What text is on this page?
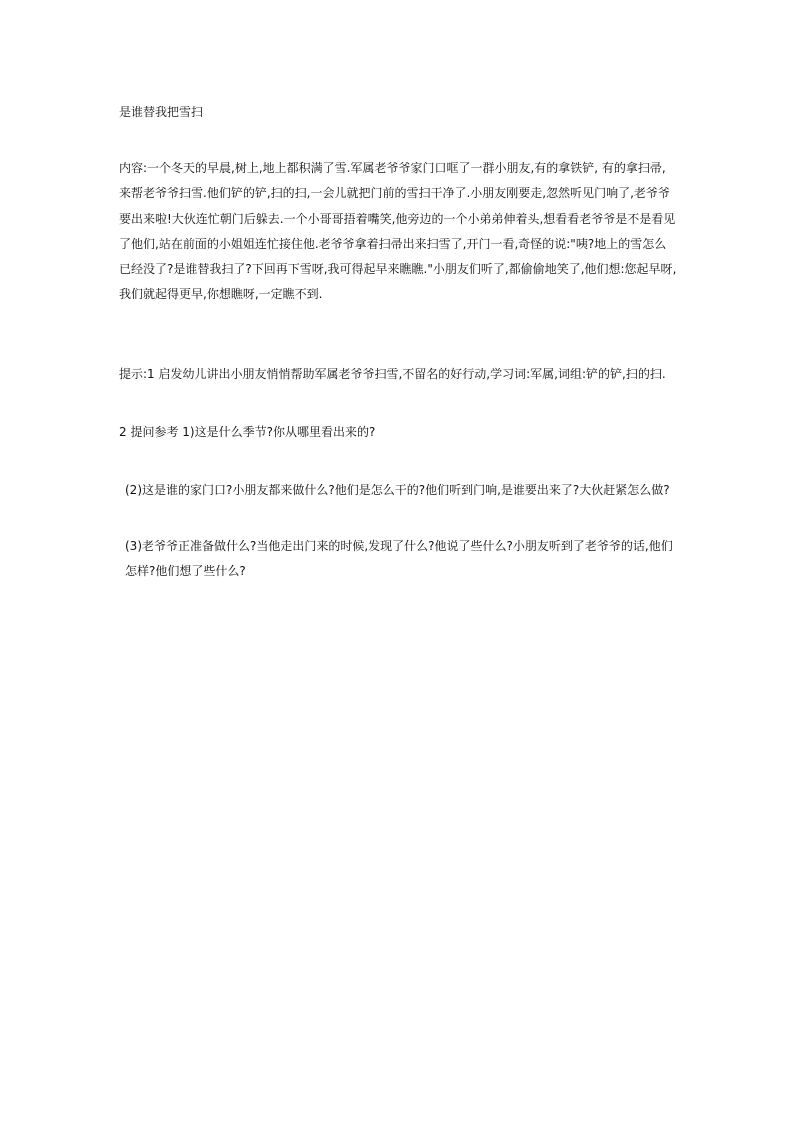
是谁替我把雪扫

内容:一个冬天的早晨,树上,地上都积满了雪.军属老爷爷家门口哐了一群小朋友,有的拿铁铲, 有的拿扫帚,来帮老爷爷扫雪.他们铲的铲,扫的扫,一会儿就把门前的雪扫干净了.小朋友刚要走,忽然听见门响了,老爷爷要出来啦!大伙连忙朝门后躲去.一个小哥哥捂着嘴笑,他旁边的一个小弟弟伸着头,想看看老爷爷是不是看见了他们,站在前面的小姐姐连忙接住他.老爷爷拿着扫帚出来扫雪了,开门一看,奇怪的说:"咦?地上的雪怎么已经没了?是谁替我扫了?下回再下雪呀,我可得起早来瞧瞧."小朋友们听了,都偷偷地笑了,他们想:您起早呀,我们就起得更早,你想瞧呀,一定瞧不到.

提示:1 启发幼儿讲出小朋友悄悄帮助军属老爷爷扫雪,不留名的好行动,学习词:军属,词组:铲的铲,扫的扫.

2 提问参考 1)这是什么季节?你从哪里看出来的?

(2)这是谁的家门口?小朋友都来做什么?他们是怎么干的?他们听到门响,是谁要出来了?大伙赶紧怎么做?

(3)老爷爷正准备做什么?当他走出门来的时候,发现了什么?他说了些什么?小朋友听到了老爷爷的话,他们怎样?他们想了些什么?
